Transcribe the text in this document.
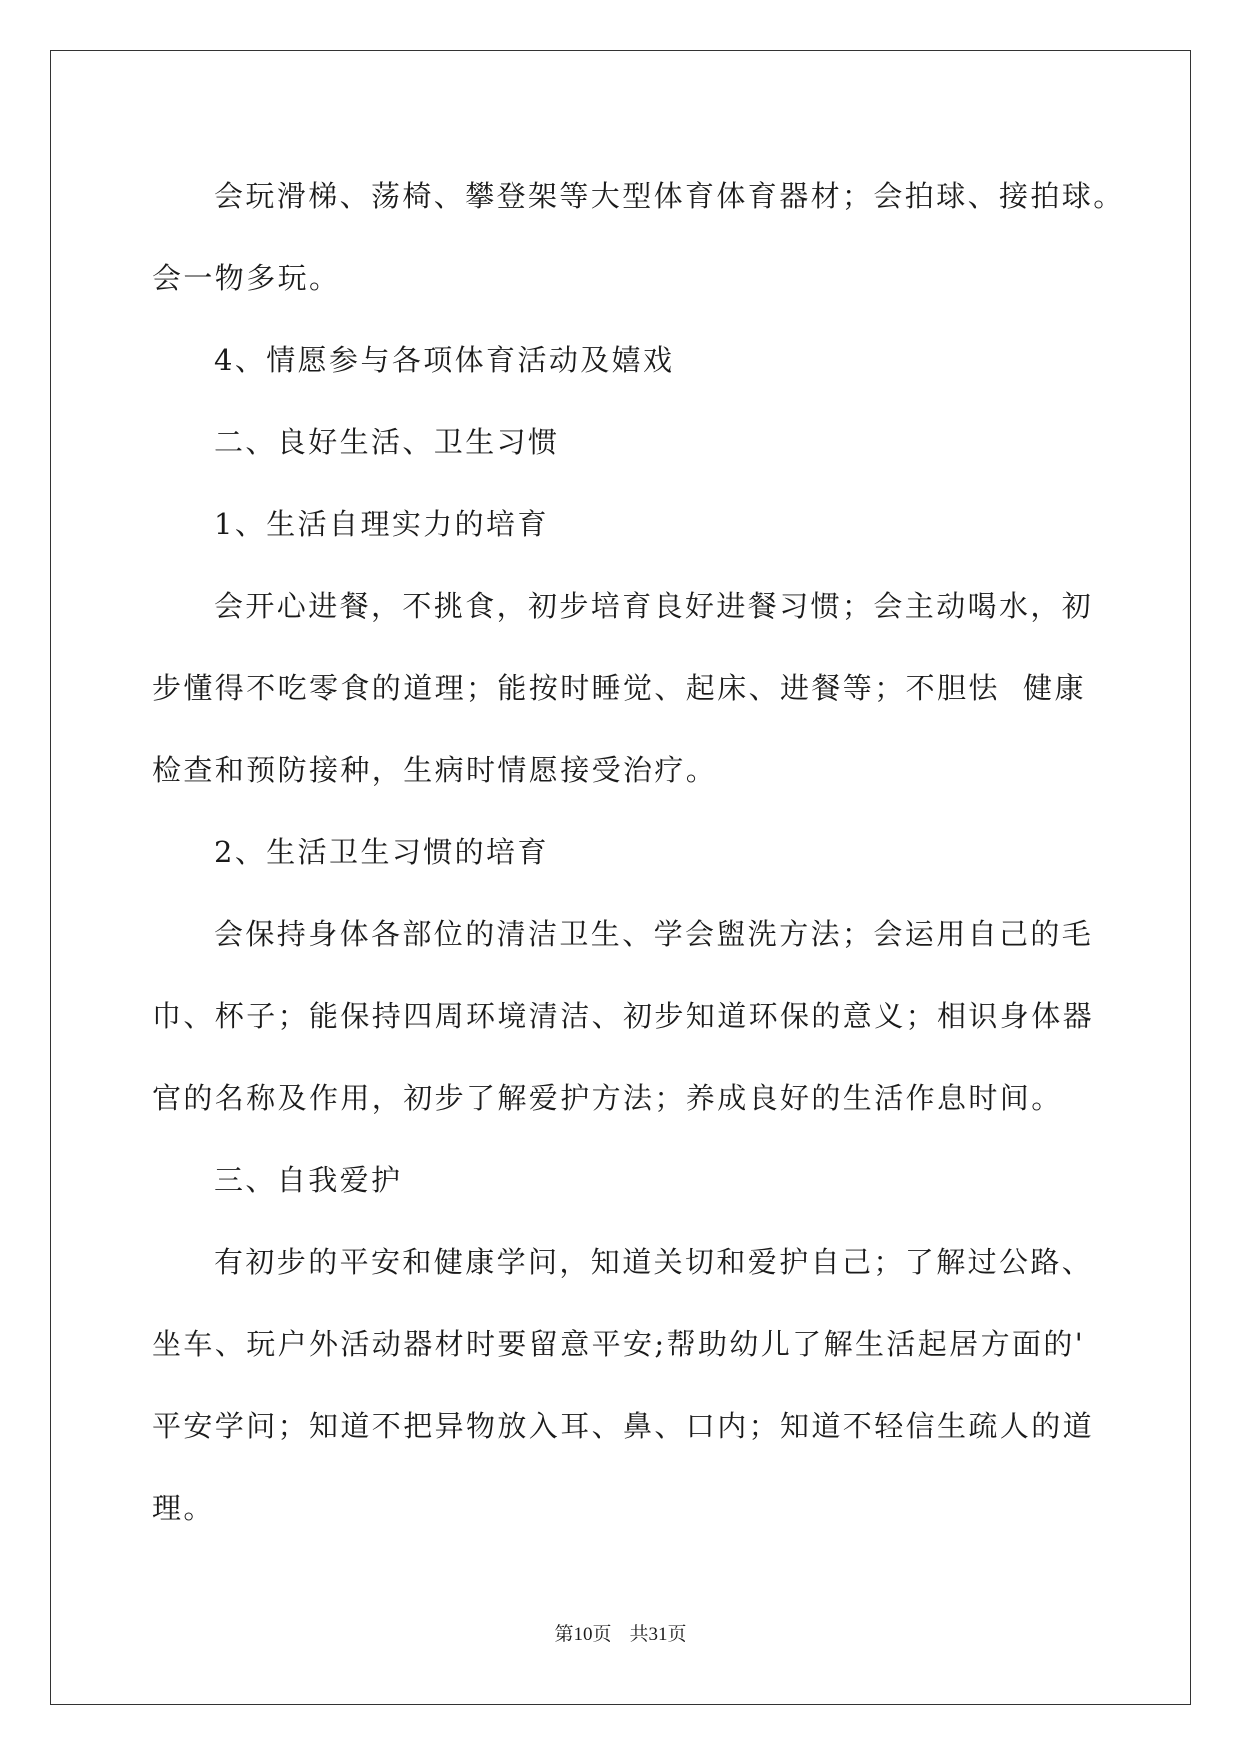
会玩滑梯、荡椅、攀登架等大型体育体育器材；会拍球、接拍球。
会一物多玩。
4、情愿参与各项体育活动及嬉戏
二、良好生活、卫生习惯
1、生活自理实力的培育
会开心进餐，不挑食，初步培育良好进餐习惯；会主动喝水，初
步懂得不吃零食的道理；能按时睡觉、起床、进餐等；不胆怯  健康
检查和预防接种，生病时情愿接受治疗。
2、生活卫生习惯的培育
会保持身体各部位的清洁卫生、学会盥洗方法；会运用自己的毛
巾、杯子；能保持四周环境清洁、初步知道环保的意义；相识身体器
官的名称及作用，初步了解爱护方法；养成良好的生活作息时间。
三、自我爱护
有初步的平安和健康学问，知道关切和爱护自己；了解过公路、
坐车、玩户外活动器材时要留意平安;帮助幼儿了解生活起居方面的'
平安学问；知道不把异物放入耳、鼻、口内；知道不轻信生疏人的道
理。
第10页 共31页
